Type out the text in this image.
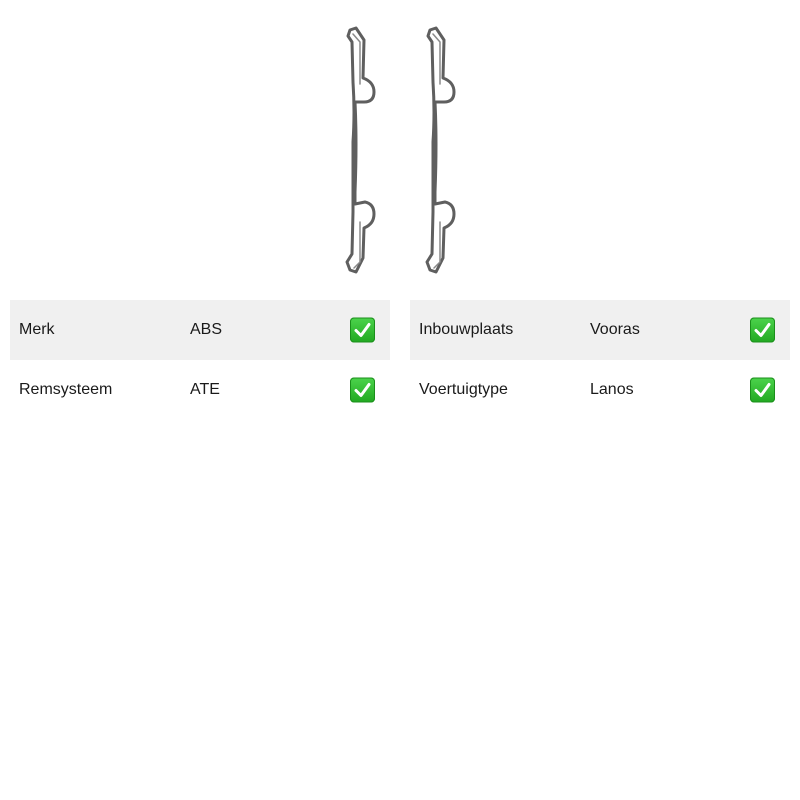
Merk	ABS
Remsysteem	ATE
Inbouwplaats	Vooras
Voertuigtype	Lanos
